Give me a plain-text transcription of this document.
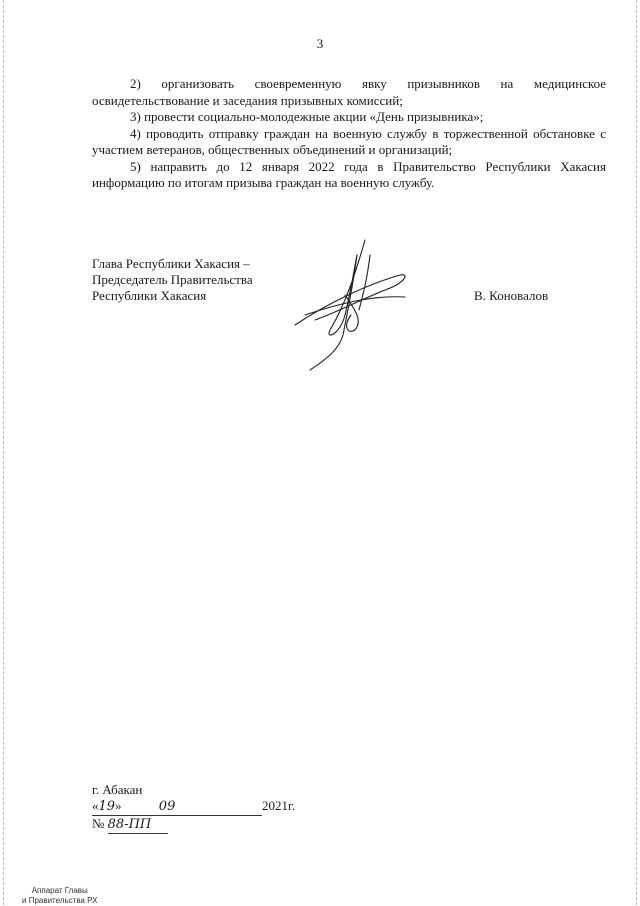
3

2) организовать своевременную явку призывников на медицинское освидетельствование и заседания призывных комиссий;

3) провести социально-молодежные акции «День призывника»;

4) проводить отправку граждан на военную службу в торжественной обстановке с участием ветеранов, общественных объединений и организаций;

5) направить до 12 января 2022 года в Правительство Республики Хакасия информацию по итогам призыва граждан на военную службу.

Глава Республики Хакасия –
Председатель Правительства
Республики Хакасия	В. Коновалов
г. Абакан
«19»	09	2021г.
№ 88-ПП
Аппарат Главы
и Правительства РХ
